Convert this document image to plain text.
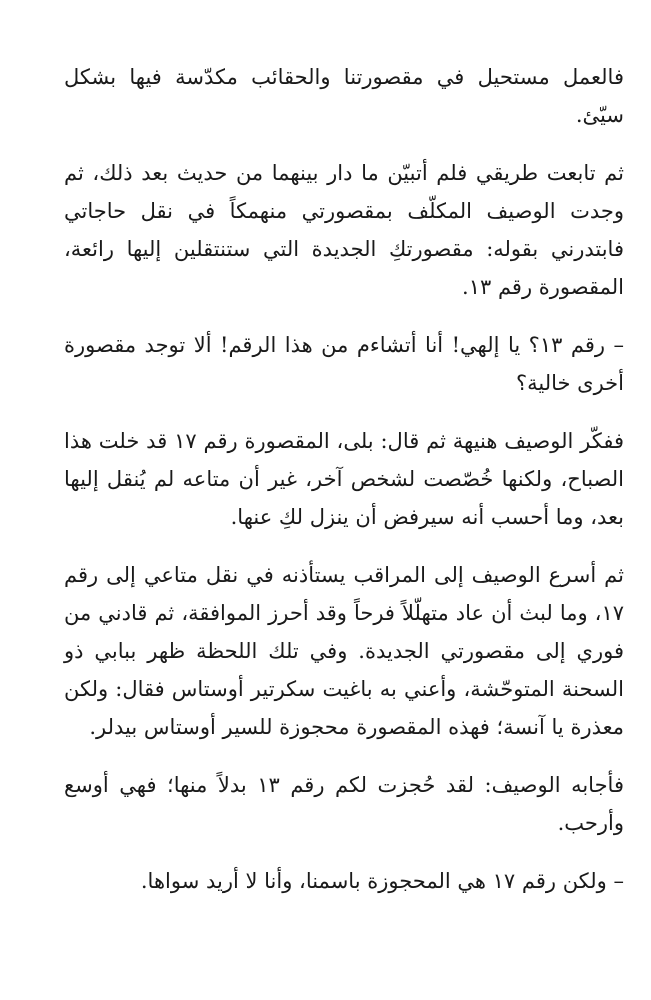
فالعمل مستحيل في مقصورتنا والحقائب مكدّسة فيها بشكل سيّئ.

ثم تابعت طريقي فلم أتبيّن ما دار بينهما من حديث بعد ذلك، ثم وجدت الوصيف المكلّف بمقصورتي منهمكاً في نقل حاجاتي فابتدرني بقوله: مقصورتكِ الجديدة التي ستنتقلين إليها رائعة، المقصورة رقم ١٣.

– رقم ١٣؟ يا إلهي! أنا أتشاءم من هذا الرقم! ألا توجد مقصورة أخرى خالية؟

ففكّر الوصيف هنيهة ثم قال: بلى، المقصورة رقم ١٧ قد خلت هذا الصباح، ولكنها خُصّصت لشخص آخر، غير أن متاعه لم يُنقل إليها بعد، وما أحسب أنه سيرفض أن ينزل لكِ عنها.

ثم أسرع الوصيف إلى المراقب يستأذنه في نقل متاعي إلى رقم ١٧، وما لبث أن عاد متهلّلاً فرحاً وقد أحرز الموافقة، ثم قادني من فوري إلى مقصورتي الجديدة. وفي تلك اللحظة ظهر ببابي ذو السحنة المتوحّشة، وأعني به باغيت سكرتير أوستاس فقال: ولكن معذرة يا آنسة؛ فهذه المقصورة محجوزة للسير أوستاس بيدلر.

فأجابه الوصيف: لقد حُجزت لكم رقم ١٣ بدلاً منها؛ فهي أوسع وأرحب.

– ولكن رقم ١٧ هي المحجوزة باسمنا، وأنا لا أريد سواها.
